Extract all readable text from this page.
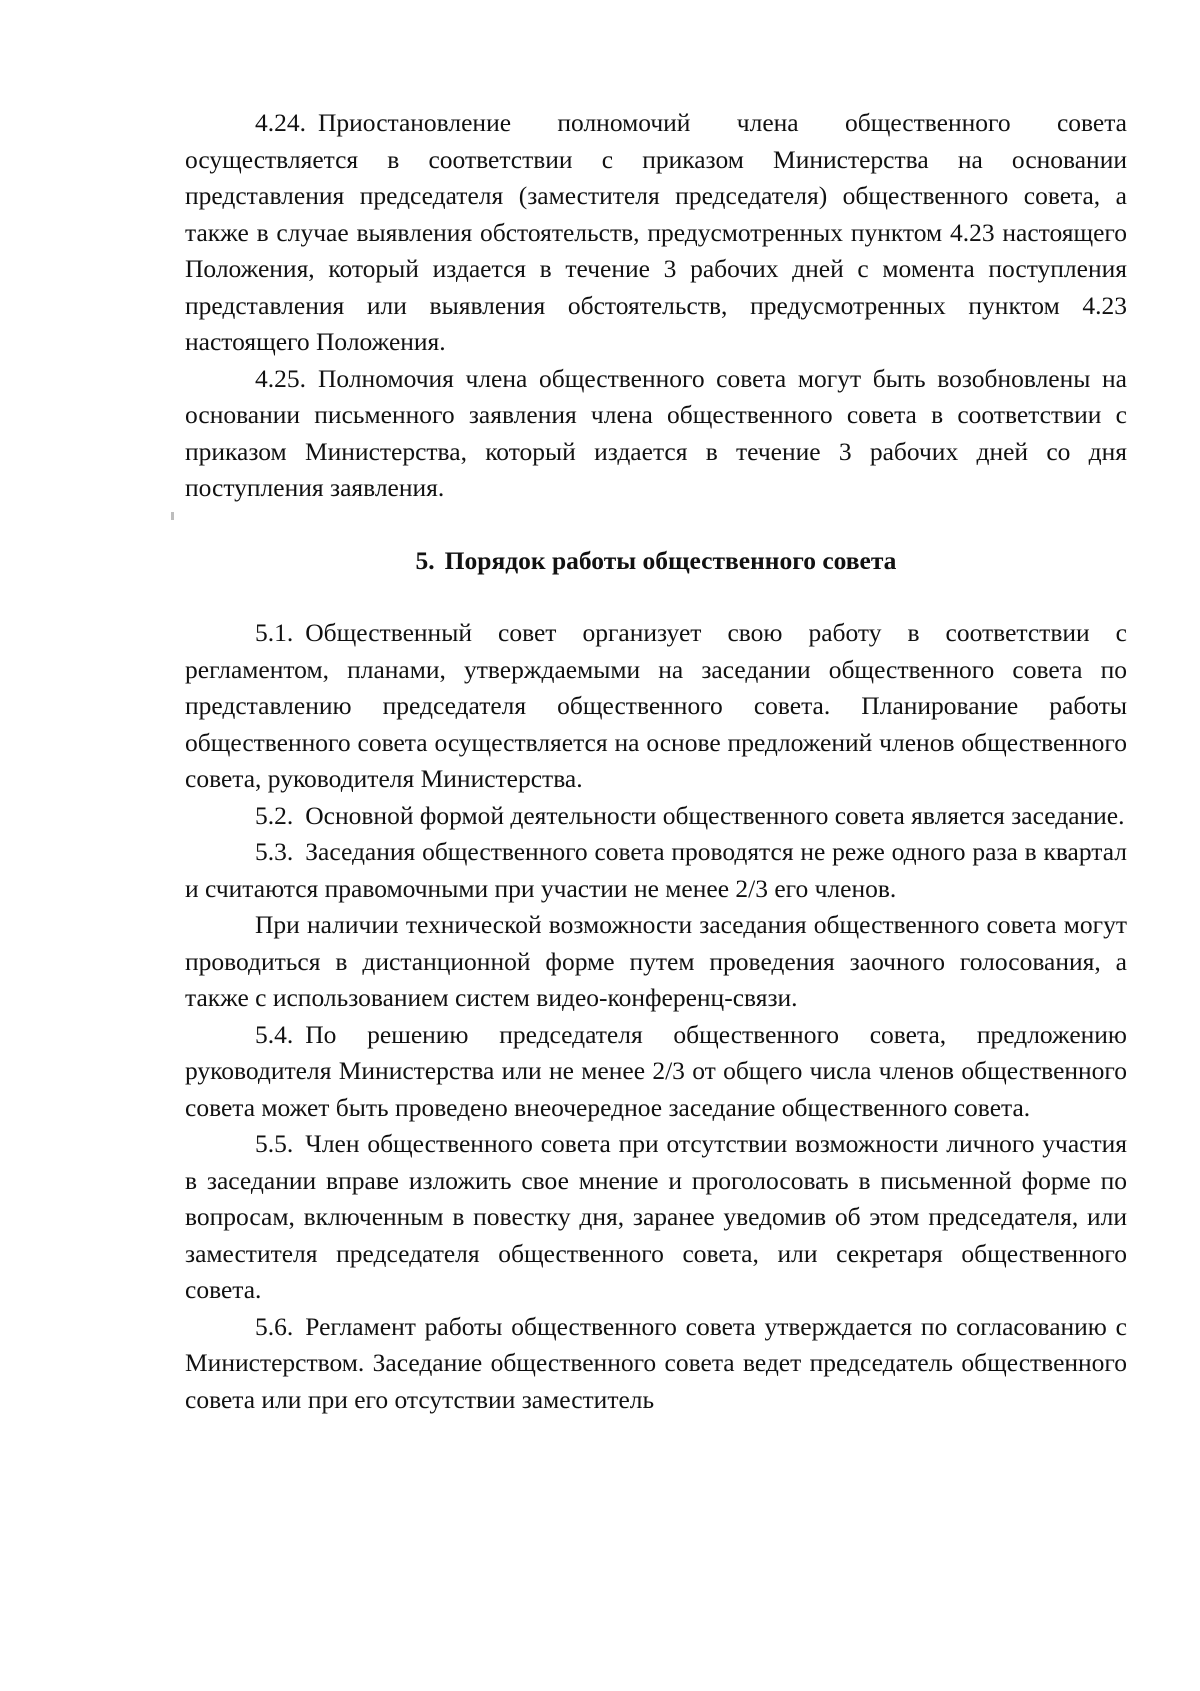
4.24. Приостановление полномочий члена общественного совета осуществляется в соответствии с приказом Министерства на основании представления председателя (заместителя председателя) общественного совета, а также в случае выявления обстоятельств, предусмотренных пунктом 4.23 настоящего Положения, который издается в течение 3 рабочих дней с момента поступления представления или выявления обстоятельств, предусмотренных пунктом 4.23 настоящего Положения.

4.25. Полномочия члена общественного совета могут быть возобновлены на основании письменного заявления члена общественного совета в соответствии с приказом Министерства, который издается в течение 3 рабочих дней со дня поступления заявления.

5. Порядок работы общественного совета

5.1. Общественный совет организует свою работу в соответствии с регламентом, планами, утверждаемыми на заседании общественного совета по представлению председателя общественного совета. Планирование работы общественного совета осуществляется на основе предложений членов общественного совета, руководителя Министерства.

5.2. Основной формой деятельности общественного совета является заседание.

5.3. Заседания общественного совета проводятся не реже одного раза в квартал и считаются правомочными при участии не менее 2/3 его членов.

При наличии технической возможности заседания общественного совета могут проводиться в дистанционной форме путем проведения заочного голосования, а также с использованием систем видео-конференц-связи.

5.4. По решению председателя общественного совета, предложению руководителя Министерства или не менее 2/3 от общего числа членов общественного совета может быть проведено внеочередное заседание общественного совета.

5.5. Член общественного совета при отсутствии возможности личного участия в заседании вправе изложить свое мнение и проголосовать в письменной форме по вопросам, включенным в повестку дня, заранее уведомив об этом председателя, или заместителя председателя общественного совета, или секретаря общественного совета.

5.6. Регламент работы общественного совета утверждается по согласованию с Министерством. Заседание общественного совета ведет председатель общественного совета или при его отсутствии заместитель
